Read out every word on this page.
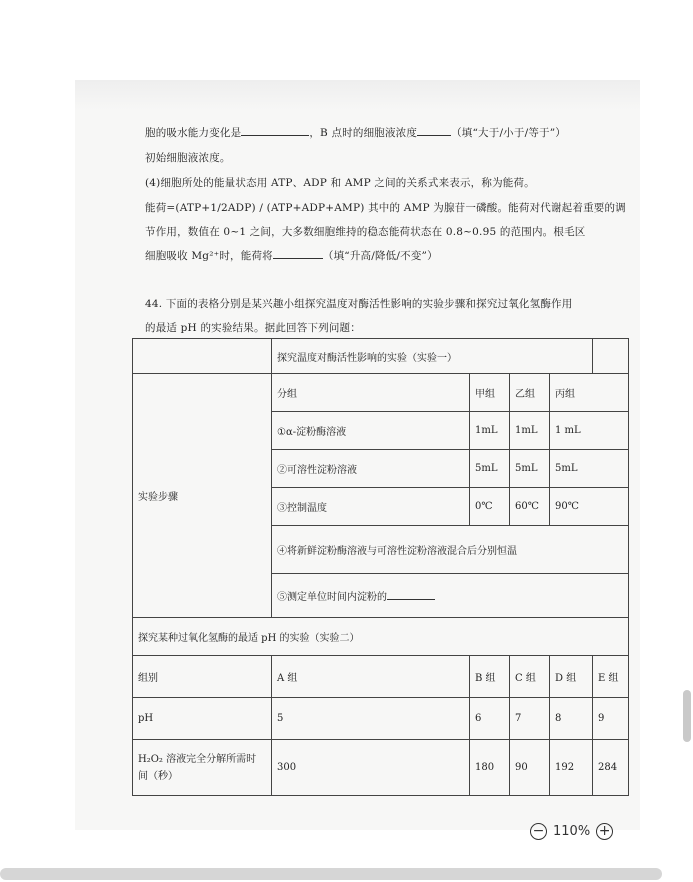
胞的吸水能力变化是	，B 点时的细胞液浓度	（填“大于/小于/等于”）
初始细胞液浓度。
(4)细胞所处的能量状态用 ATP、ADP 和 AMP 之间的关系式来表示，称为能荷。
能荷=(ATP+1/2ADP) / (ATP+ADP+AMP) 其中的 AMP 为腺苷一磷酸。能荷对代谢起着重要的调
节作用，数值在 0~1 之间，大多数细胞维持的稳态能荷状态在 0.8~0.95 的范围内。根毛区
细胞吸收 Mg²⁺时，能荷将	（填“升高/降低/不变”）
44. 下面的表格分别是某兴趣小组探究温度对酶活性影响的实验步骤和探究过氧化氢酶作用
的最适 pH 的实验结果。据此回答下列问题：
	探究温度对酶活性影响的实验（实验一）				
实验步骤	分组	甲组	乙组	丙组	
	①α-淀粉酶溶液	1mL	1mL	1 mL	
	②可溶性淀粉溶液	5mL	5mL	5mL	
	③控制温度	0℃	60℃	90℃	
	④将新鲜淀粉酶溶液与可溶性淀粉溶液混合后分别恒温				
	⑤测定单位时间内淀粉的				
探究某种过氧化氢酶的最适 pH 的实验（实验二）					
组别	A 组	B 组	C 组	D 组	E 组
pH	5	6	7	8	9
H₂O₂ 溶液完全分解所需时间（秒）	300	180	90	192	284
− 110% +
